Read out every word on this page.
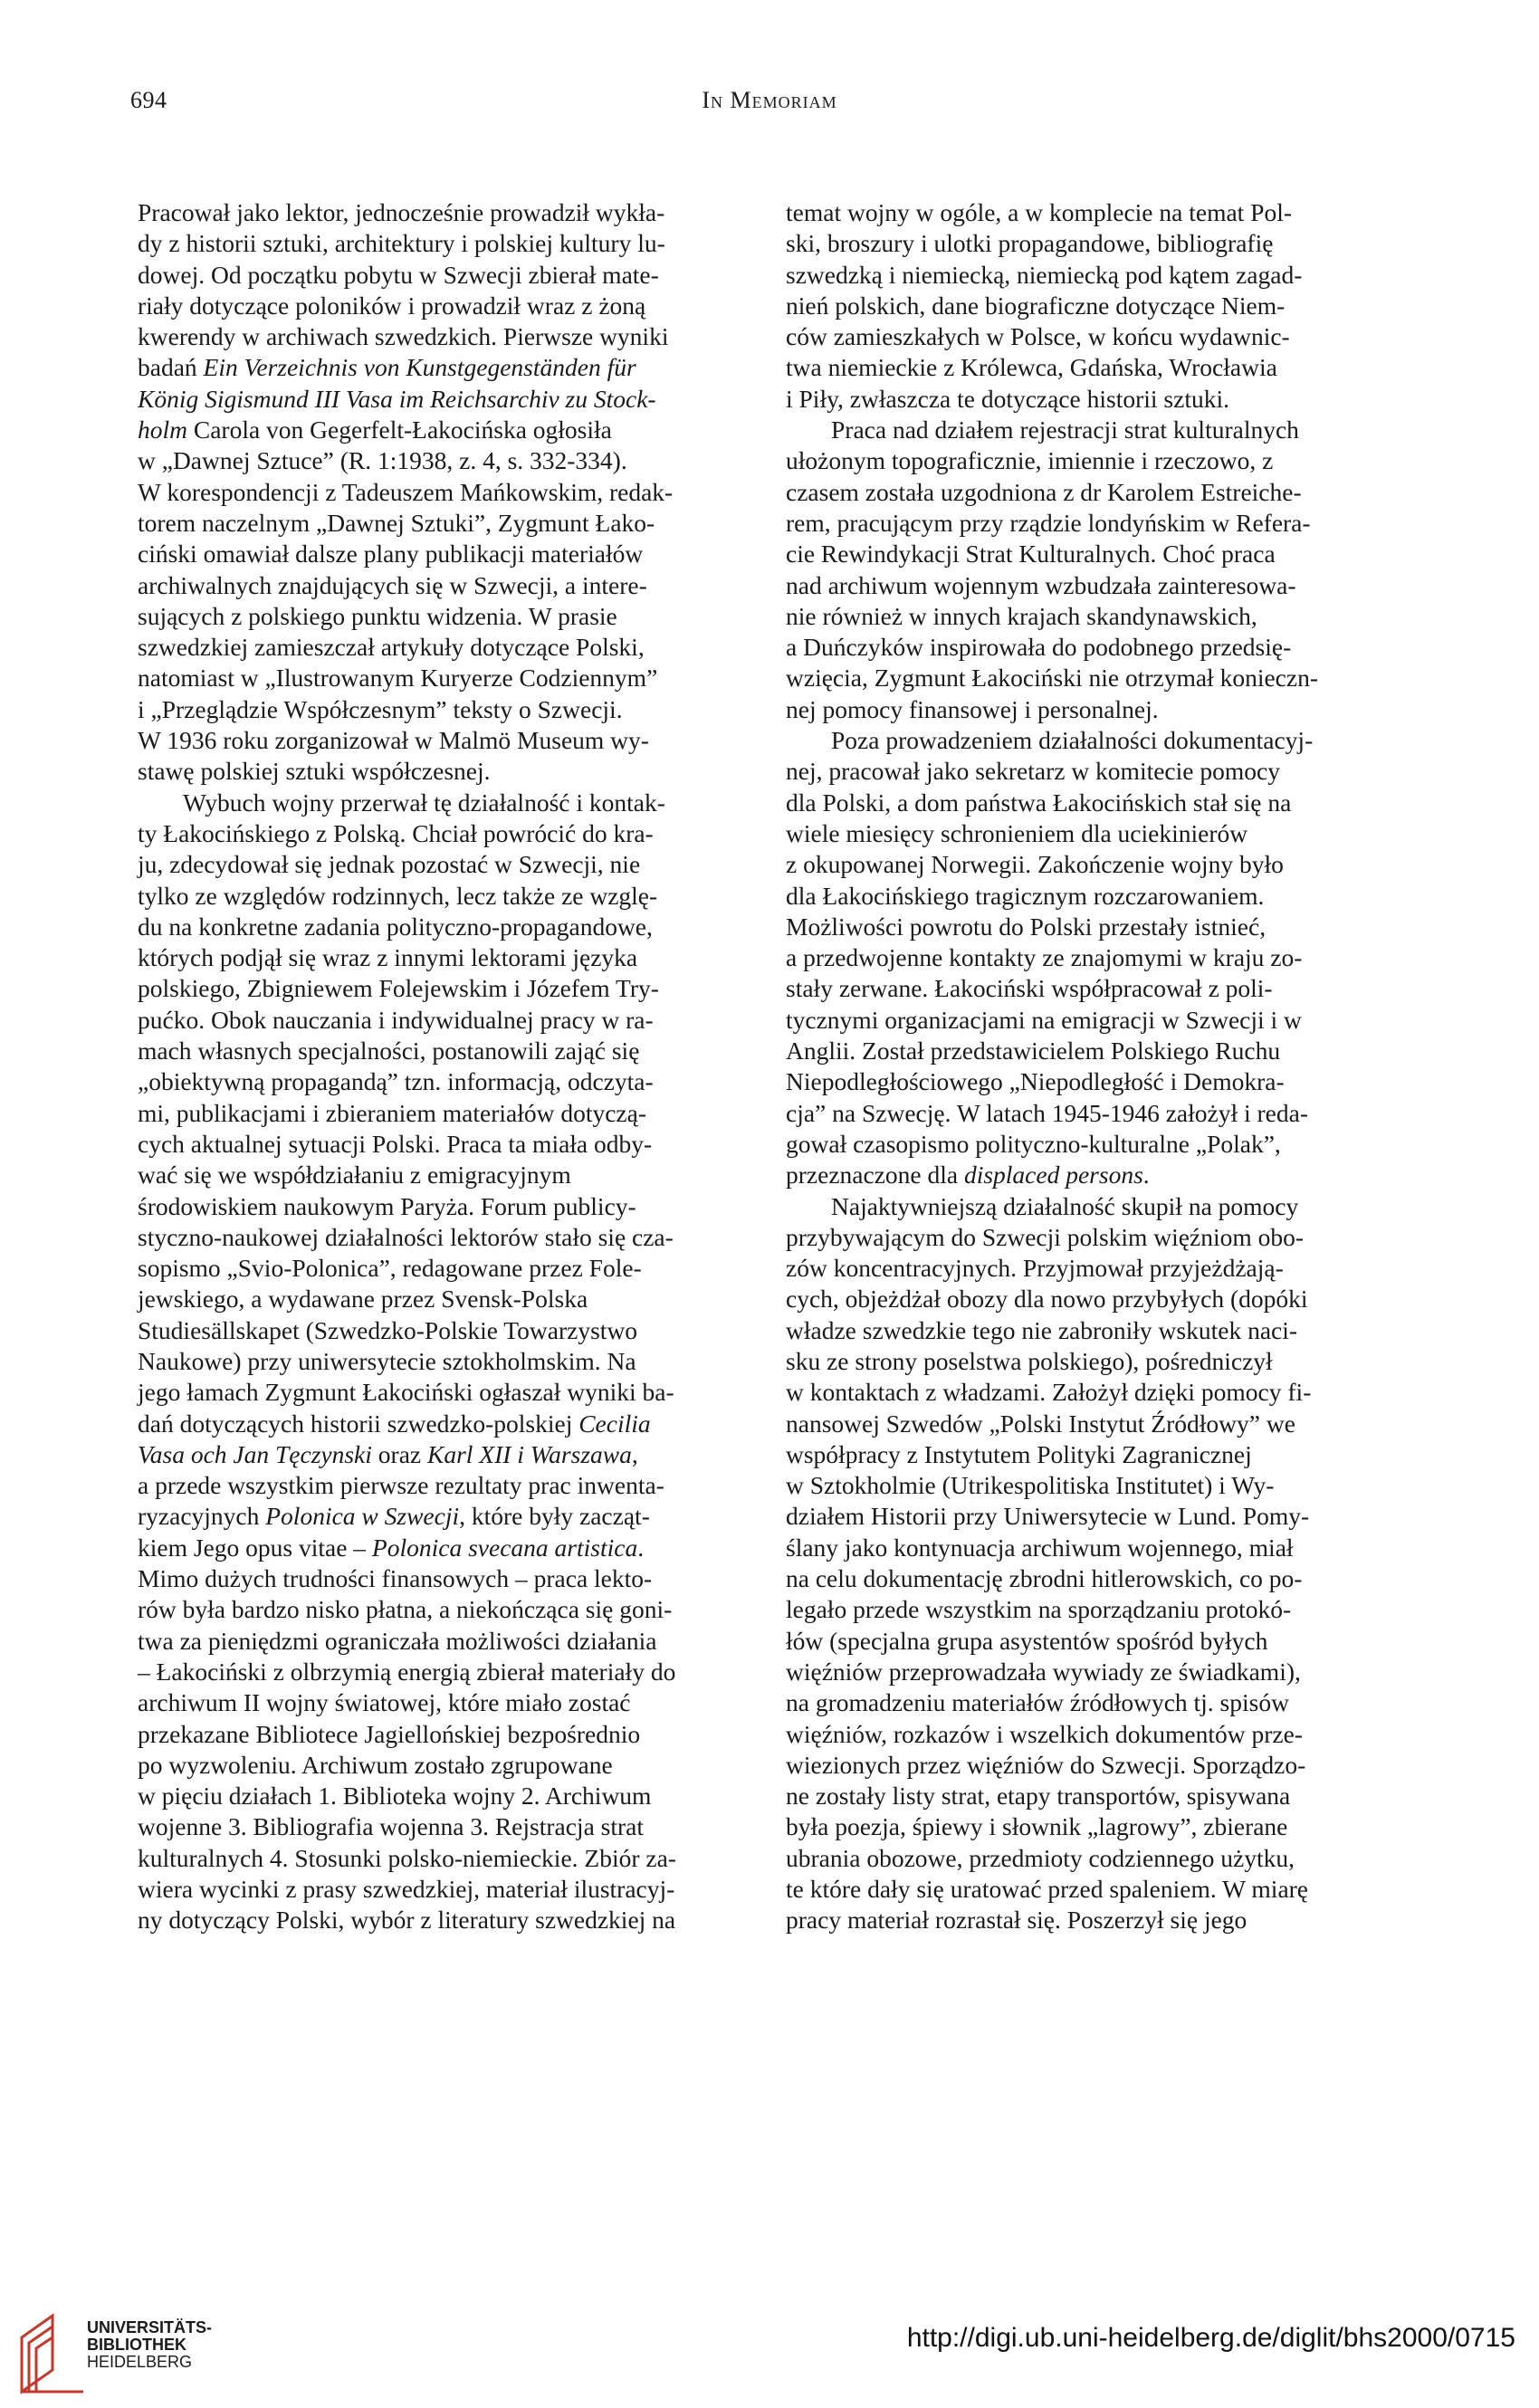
694	In Memoriam

Pracował jako lektor, jednocześnie prowadził wykła-
dy z historii sztuki, architektury i polskiej kultury lu-
dowej. Od początku pobytu w Szwecji zbierał mate-
riały dotyczące poloników i prowadził wraz z żoną
kwerendy w archiwach szwedzkich. Pierwsze wyniki
badań Ein Verzeichnis von Kunstgegenständen für
König Sigismund III Vasa im Reichsarchiv zu Stock-
holm Carola von Gegerfelt-Łakocińska ogłosiła
w „Dawnej Sztuce” (R. 1:1938, z. 4, s. 332-334).
W korespondencji z Tadeuszem Mańkowskim, redak-
torem naczelnym „Dawnej Sztuki”, Zygmunt Łako-
ciński omawiał dalsze plany publikacji materiałów
archiwalnych znajdujących się w Szwecji, a intere-
sujących z polskiego punktu widzenia. W prasie
szwedzkiej zamieszczał artykuły dotyczące Polski,
natomiast w „Ilustrowanym Kuryerze Codziennym”
i „Przeglądzie Współczesnym” teksty o Szwecji.
W 1936 roku zorganizował w Malmö Museum wy-
stawę polskiej sztuki współczesnej.

Wybuch wojny przerwał tę działalność i kontak-
ty Łakocińskiego z Polską. Chciał powrócić do kra-
ju, zdecydował się jednak pozostać w Szwecji, nie
tylko ze względów rodzinnych, lecz także ze wzglę-
du na konkretne zadania polityczno-propagandowe,
których podjął się wraz z innymi lektorami języka
polskiego, Zbigniewem Folejewskim i Józefem Try-
pućko. Obok nauczania i indywidualnej pracy w ra-
mach własnych specjalności, postanowili zająć się
„obiektywną propagandą” tzn. informacją, odczyta-
mi, publikacjami i zbieraniem materiałów dotyczą-
cych aktualnej sytuacji Polski. Praca ta miała odby-
wać się we współdziałaniu z emigracyjnym
środowiskiem naukowym Paryża. Forum publicy-
styczno-naukowej działalności lektorów stało się cza-
sopismo „Svio-Polonica”, redagowane przez Fole-
jewskiego, a wydawane przez Svensk-Polska
Studiesällskapet (Szwedzko-Polskie Towarzystwo
Naukowe) przy uniwersytecie sztokholmskim. Na
jego łamach Zygmunt Łakociński ogłaszał wyniki ba-
dań dotyczących historii szwedzko-polskiej Cecilia
Vasa och Jan Tęczynski oraz Karl XII i Warszawa,
a przede wszystkim pierwsze rezultaty prac inwenta-
ryzacyjnych Polonica w Szwecji, które były zacząt-
kiem Jego opus vitae – Polonica svecana artistica.
Mimo dużych trudności finansowych – praca lekto-
rów była bardzo nisko płatna, a niekończąca się goni-
twa za pieniędzmi ograniczała możliwości działania
– Łakociński z olbrzymią energią zbierał materiały do
archiwum II wojny światowej, które miało zostać
przekazane Bibliotece Jagiellońskiej bezpośrednio
po wyzwoleniu. Archiwum zostało zgrupowane
w pięciu działach 1. Biblioteka wojny 2. Archiwum
wojenne 3. Bibliografia wojenna 3. Rejstracja strat
kulturalnych 4. Stosunki polsko-niemieckie. Zbiór za-
wiera wycinki z prasy szwedzkiej, materiał ilustracyj-
ny dotyczący Polski, wybór z literatury szwedzkiej na

temat wojny w ogóle, a w komplecie na temat Pol-
ski, broszury i ulotki propagandowe, bibliografię
szwedzką i niemiecką, niemiecką pod kątem zagad-
nień polskich, dane biograficzne dotyczące Niem-
ców zamieszkałych w Polsce, w końcu wydawnic-
twa niemieckie z Królewca, Gdańska, Wrocławia
i Piły, zwłaszcza te dotyczące historii sztuki.

Praca nad działem rejestracji strat kulturalnych
ułożonym topograficznie, imiennie i rzeczowo, z
czasem została uzgodniona z dr Karolem Estreiche-
rem, pracującym przy rządzie londyńskim w Refera-
cie Rewindykacji Strat Kulturalnych. Choć praca
nad archiwum wojennym wzbudzała zainteresowa-
nie również w innych krajach skandynawskich,
a Duńczyków inspirowała do podobnego przedsię-
wzięcia, Zygmunt Łakociński nie otrzymał konieczn-
nej pomocy finansowej i personalnej.

Poza prowadzeniem działalności dokumentacyj-
nej, pracował jako sekretarz w komitecie pomocy
dla Polski, a dom państwa Łakocińskich stał się na
wiele miesięcy schronieniem dla uciekinierów
z okupowanej Norwegii. Zakończenie wojny było
dla Łakocińskiego tragicznym rozczarowaniem.
Możliwości powrotu do Polski przestały istnieć,
a przedwojenne kontakty ze znajomymi w kraju zo-
stały zerwane. Łakociński współpracował z poli-
tycznymi organizacjami na emigracji w Szwecji i w
Anglii. Został przedstawicielem Polskiego Ruchu
Niepodległościowego „Niepodległość i Demokra-
cja” na Szwecję. W latach 1945-1946 założył i reda-
gował czasopismo polityczno-kulturalne „Polak”,
przeznaczone dla displaced persons.

Najaktywniejszą działalność skupił na pomocy
przybywającym do Szwecji polskim więźniom obo-
zów koncentracyjnych. Przyjmował przyjeżdżają-
cych, objeżdżał obozy dla nowo przybyłych (dopóki
władze szwedzkie tego nie zabroniły wskutek naci-
sku ze strony poselstwa polskiego), pośredniczył
w kontaktach z władzami. Założył dzięki pomocy fi-
nansowej Szwedów „Polski Instytut Źródłowy” we
współpracy z Instytutem Polityki Zagranicznej
w Sztokholmie (Utrikespolitiska Institutet) i Wy-
działem Historii przy Uniwersytecie w Lund. Pomy-
ślany jako kontynuacja archiwum wojennego, miał
na celu dokumentację zbrodni hitlerowskich, co po-
legało przede wszystkim na sporządzaniu protokó-
łów (specjalna grupa asystentów spośród byłych
więźniów przeprowadzała wywiady ze świadkami),
na gromadzeniu materiałów źródłowych tj. spisów
więźniów, rozkazów i wszelkich dokumentów prze-
wiezionych przez więźniów do Szwecji. Sporządzo-
ne zostały listy strat, etapy transportów, spisywana
była poezja, śpiewy i słownik „lagrowy”, zbierane
ubrania obozowe, przedmioty codziennego użytku,
te które dały się uratować przed spaleniem. W miarę
pracy materiał rozrastał się. Poszerzył się jego

UNIVERSITÄTS-
BIBLIOTHEK
HEIDELBERG
http://digi.ub.uni-heidelberg.de/diglit/bhs2000/0715
